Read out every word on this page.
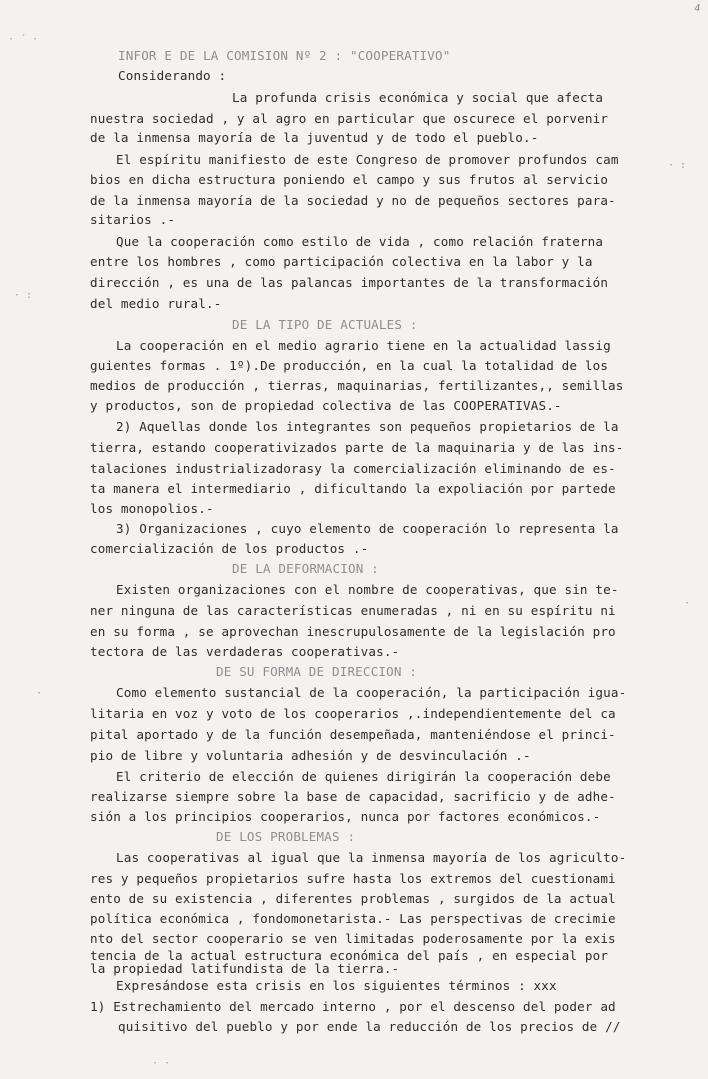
4
INFOR E DE LA COMISION Nº 2 : "COOPERATIVO"
Considerando :
La profunda crisis económica y social que afecta
nuestra sociedad , y al agro en particular que oscurece el porvenir
de la inmensa mayoría de la juventud y de todo el pueblo.-
El espíritu manifiesto de este Congreso de promover profundos cam
bios en dicha estructura poniendo el campo y sus frutos al servicio
de la inmensa mayoría de la sociedad y no de pequeños sectores para-
sitarios .-
Que la cooperación como estilo de vida , como relación fraterna
entre los hombres , como participación colectiva en la labor y la
dirección , es una de las palancas importantes de la transformación
del medio rural.-
DE LA TIPO DE ACTUALES :
La cooperación en el medio agrario tiene en la actualidad lassig
guientes formas . 1º).De producción, en la cual la totalidad de los
medios de producción , tierras, maquinarias, fertilizantes,, semillas
y productos, son de propiedad colectiva de las COOPERATIVAS.-
2) Aquellas donde los integrantes son pequeños propietarios de la
tierra, estando cooperativizados parte de la maquinaria y de las ins-
talaciones industrializadorasy la comercialización eliminando de es-
ta manera el intermediario , dificultando la expoliación por partede
los monopolios.-
3) Organizaciones , cuyo elemento de cooperación lo representa la
comercialización de los productos .-
DE LA DEFORMACION :
Existen organizaciones con el nombre de cooperativas, que sin te-
ner ninguna de las características enumeradas , ni en su espíritu ni
en su forma , se aprovechan inescrupulosamente de la legislación pro
tectora de las verdaderas cooperativas.-
DE SU FORMA DE DIRECCION :
Como elemento sustancial de la cooperación, la participación igua-
litaria en voz y voto de los cooperarios ,.independientemente del ca
pital aportado y de la función desempeñada, manteniéndose el princi-
pio de libre y voluntaria adhesión y de desvinculación .-
El criterio de elección de quienes dirigirán la cooperación debe
realizarse siempre sobre la base de capacidad, sacrificio y de adhe-
sión a los principios cooperarios, nunca por factores económicos.-
DE LOS PROBLEMAS :
Las cooperativas al igual que la inmensa mayoría de los agriculto-
res y pequeños propietarios sufre hasta los extremos del cuestionami
ento de su existencia , diferentes problemas , surgidos de la actual
política económica , fondomonetarista.- Las perspectivas de crecimie
nto del sector cooperario se ven limitadas poderosamente por la exis
tencia de la actual estructura económica del país , en especial por
la propiedad latifundista de la tierra.-
Expresándose esta crisis en los siguientes términos : xxx
1) Estrechamiento del mercado interno , por el descenso del poder ad
quisitivo del pueblo y por ende la reducción de los precios de //
· ´ ·
· :
·
· :
·
· ·
